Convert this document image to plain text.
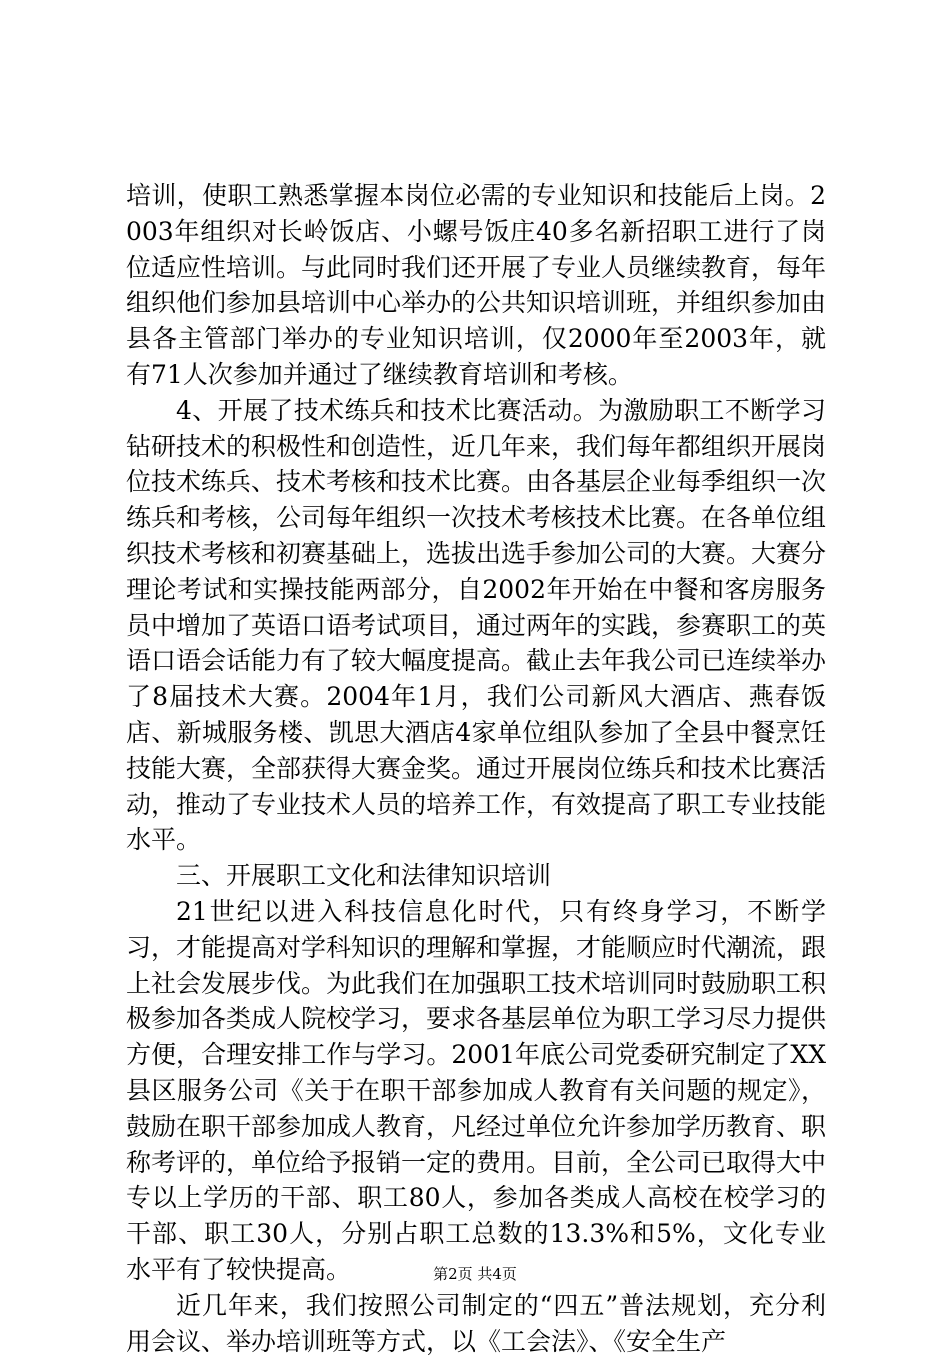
培训，使职工熟悉掌握本岗位必需的专业知识和技能后上岗。2003年组织对长岭饭店、小螺号饭庄40多名新招职工进行了岗位适应性培训。与此同时我们还开展了专业人员继续教育，每年组织他们参加县培训中心举办的公共知识培训班，并组织参加由县各主管部门举办的专业知识培训，仅2000年至2003年，就有71人次参加并通过了继续教育培训和考核。

4、开展了技术练兵和技术比赛活动。为激励职工不断学习钻研技术的积极性和创造性，近几年来，我们每年都组织开展岗位技术练兵、技术考核和技术比赛。由各基层企业每季组织一次练兵和考核，公司每年组织一次技术考核技术比赛。在各单位组织技术考核和初赛基础上，选拔出选手参加公司的大赛。大赛分理论考试和实操技能两部分，自2002年开始在中餐和客房服务员中增加了英语口语考试项目，通过两年的实践，参赛职工的英语口语会话能力有了较大幅度提高。截止去年我公司已连续举办了8届技术大赛。2004年1月，我们公司新风大酒店、燕春饭店、新城服务楼、凯思大酒店4家单位组队参加了全县中餐烹饪技能大赛，全部获得大赛金奖。通过开展岗位练兵和技术比赛活动，推动了专业技术人员的培养工作，有效提高了职工专业技能水平。

三、开展职工文化和法律知识培训

21世纪以进入科技信息化时代，只有终身学习，不断学习，才能提高对学科知识的理解和掌握，才能顺应时代潮流，跟上社会发展步伐。为此我们在加强职工技术培训同时鼓励职工积极参加各类成人院校学习，要求各基层单位为职工学习尽力提供方便，合理安排工作与学习。2001年底公司党委研究制定了XX县区服务公司《关于在职干部参加成人教育有关问题的规定》，鼓励在职干部参加成人教育，凡经过单位允许参加学历教育、职称考评的，单位给予报销一定的费用。目前，全公司已取得大中专以上学历的干部、职工80人，参加各类成人高校在校学习的干部、职工30人，分别占职工总数的13.3%和5%，文化专业水平有了较快提高。

近几年来，我们按照公司制定的“四五”普法规划，充分利用会议、举办培训班等方式，以《工会法》、《安全生产

第2页 共4页
